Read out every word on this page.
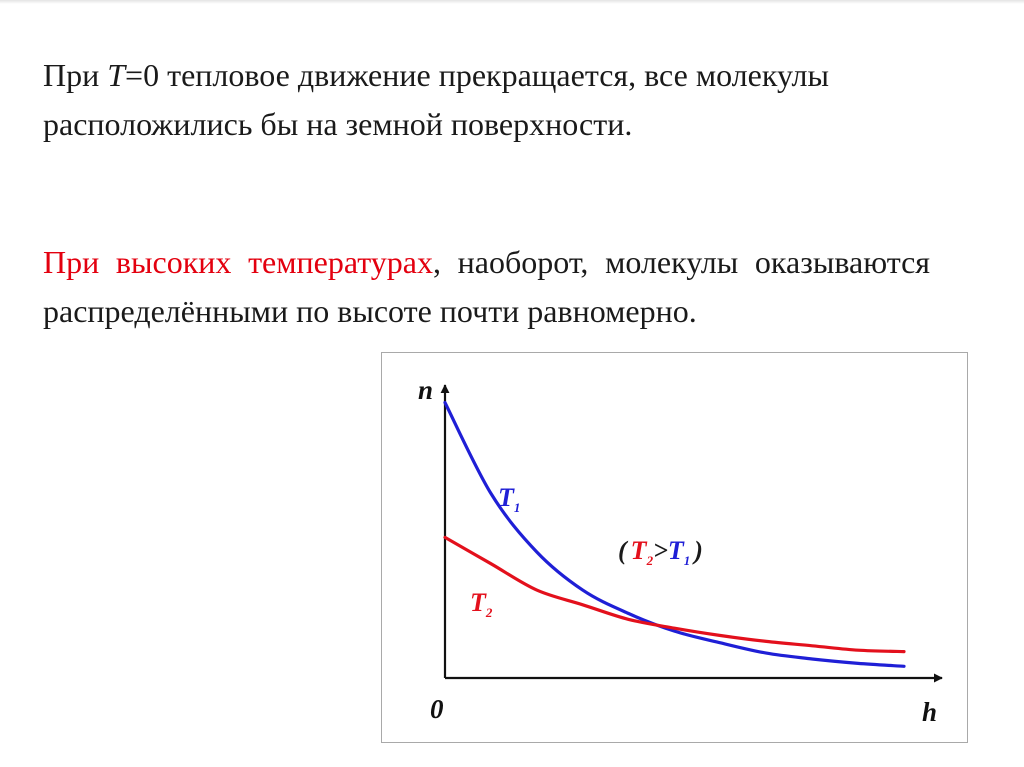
При T=0 тепловое движение прекращается, все молекулы расположились бы на земной поверхности.

При высоких температурах, наоборот, молекулы оказываются распределёнными по высоте почти равномерно.

n
h
0
$T_1$
$T_2$
( $T_2>T_1$ )
